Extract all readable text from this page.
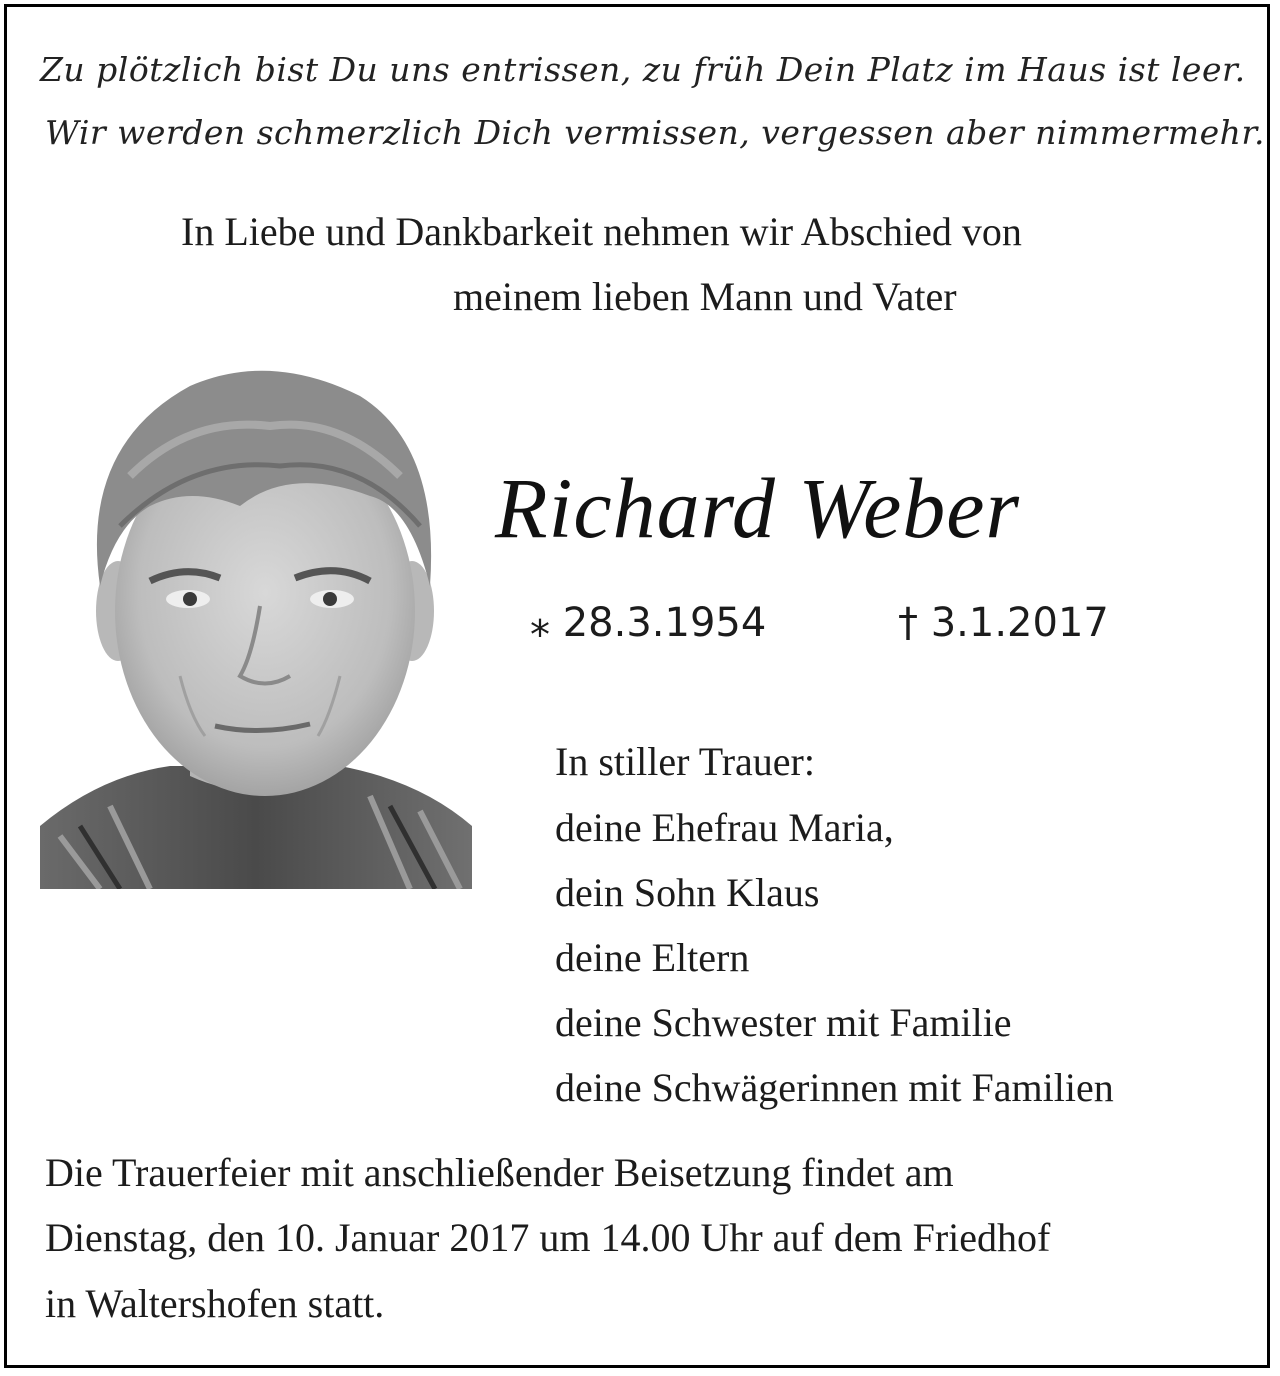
Zu plötzlich bist Du uns entrissen, zu früh Dein Platz im Haus ist leer.

Wir werden schmerzlich Dich vermissen, vergessen aber nimmermehr.

In Liebe und Dankbarkeit nehmen wir Abschied von

meinem lieben Mann und Vater

Richard Weber

⁎ 28.3.1954	† 3.1.2017

In stiller Trauer:

deine Ehefrau Maria,

dein Sohn Klaus

deine Eltern

deine Schwester mit Familie

deine Schwägerinnen mit Familien

Die Trauerfeier mit anschließender Beisetzung findet am

Dienstag, den 10. Januar 2017 um 14.00 Uhr auf dem Friedhof

in Waltershofen statt.
